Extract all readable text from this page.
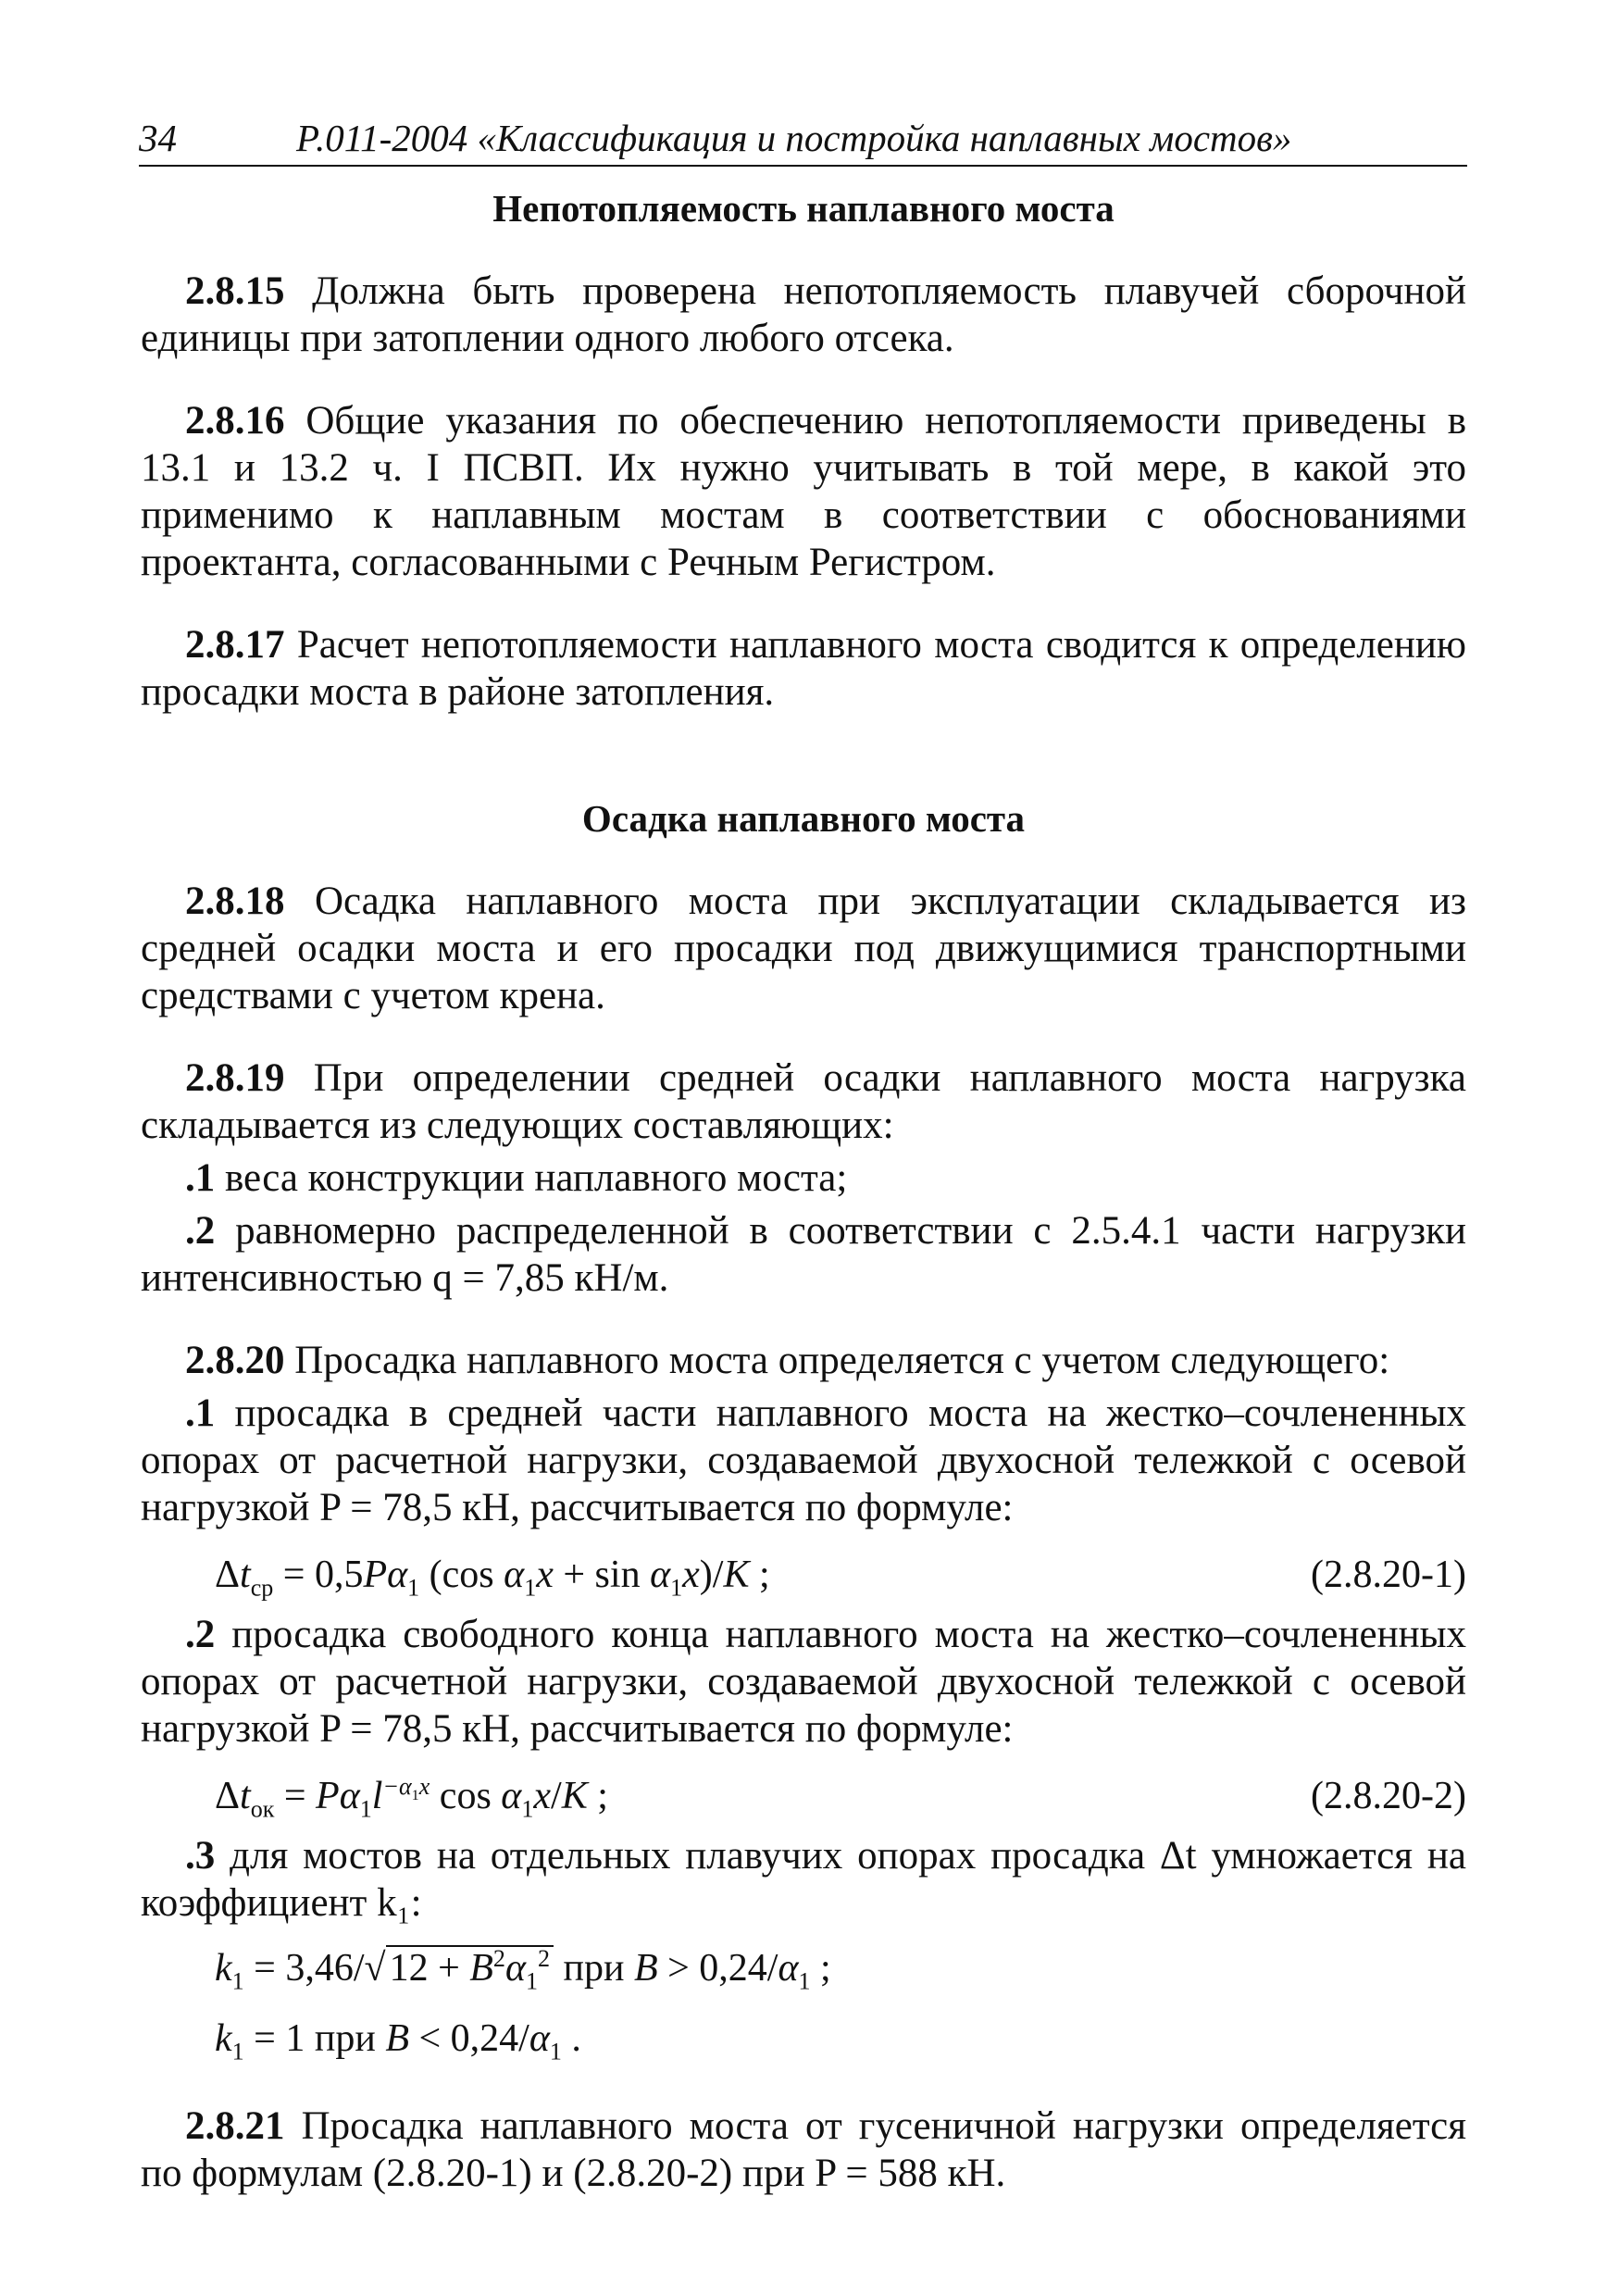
34	Р.011-2004 «Классификация и постройка наплавных мостов»

Непотопляемость наплавного моста

2.8.15 Должна быть проверена непотопляемость плавучей сборочной единицы при затоплении одного любого отсека.

2.8.16 Общие указания по обеспечению непотопляемости приведены в 13.1 и 13.2 ч. I ПСВП. Их нужно учитывать в той мере, в какой это применимо к наплавным мостам в соответствии с обоснованиями проектанта, согласованными с Речным Регистром.

2.8.17 Расчет непотопляемости наплавного моста сводится к определению просадки моста в районе затопления.

Осадка наплавного моста

2.8.18 Осадка наплавного моста при эксплуатации складывается из средней осадки моста и его просадки под движущимися транспортными средствами с учетом крена.

2.8.19 При определении средней осадки наплавного моста нагрузка складывается из следующих составляющих:

.1 веса конструкции наплавного моста;

.2 равномерно распределенной в соответствии с 2.5.4.1 части нагрузки интенсивностью q = 7,85 кН/м.

2.8.20 Просадка наплавного моста определяется с учетом следующего:

.1 просадка в средней части наплавного моста на жестко–сочлененных опорах от расчетной нагрузки, создаваемой двухосной тележкой с осевой нагрузкой P = 78,5 кН, рассчитывается по формуле:

$\Delta t_{ср} = 0,5P\alpha_1$ (cos $\alpha_1x + \sin \alpha_1x)/K$ ;	(2.8.20-1)

.2 просадка свободного конца наплавного моста на жестко–сочлененных опорах от расчетной нагрузки, создаваемой двухосной тележкой с осевой нагрузкой P = 78,5 кН, рассчитывается по формуле:

$\Delta t_{ок} = P\alpha_1l^{-\alpha_1x}$ $\cos \alpha_1x/K$ ;	(2.8.20-2)

.3 для мостов на отдельных плавучих опорах просадка Δt умножается на коэффициент k₁:

$k_1 = 3,46/√12 + B^2\alpha_1^2$ при $B > 0,24/\alpha_1$ ;
$k_1 = 1$ при $B < 0,24/\alpha_1$ .

2.8.21 Просадка наплавного моста от гусеничной нагрузки определяется по формулам (2.8.20-1) и (2.8.20-2) при P = 588 кН.
